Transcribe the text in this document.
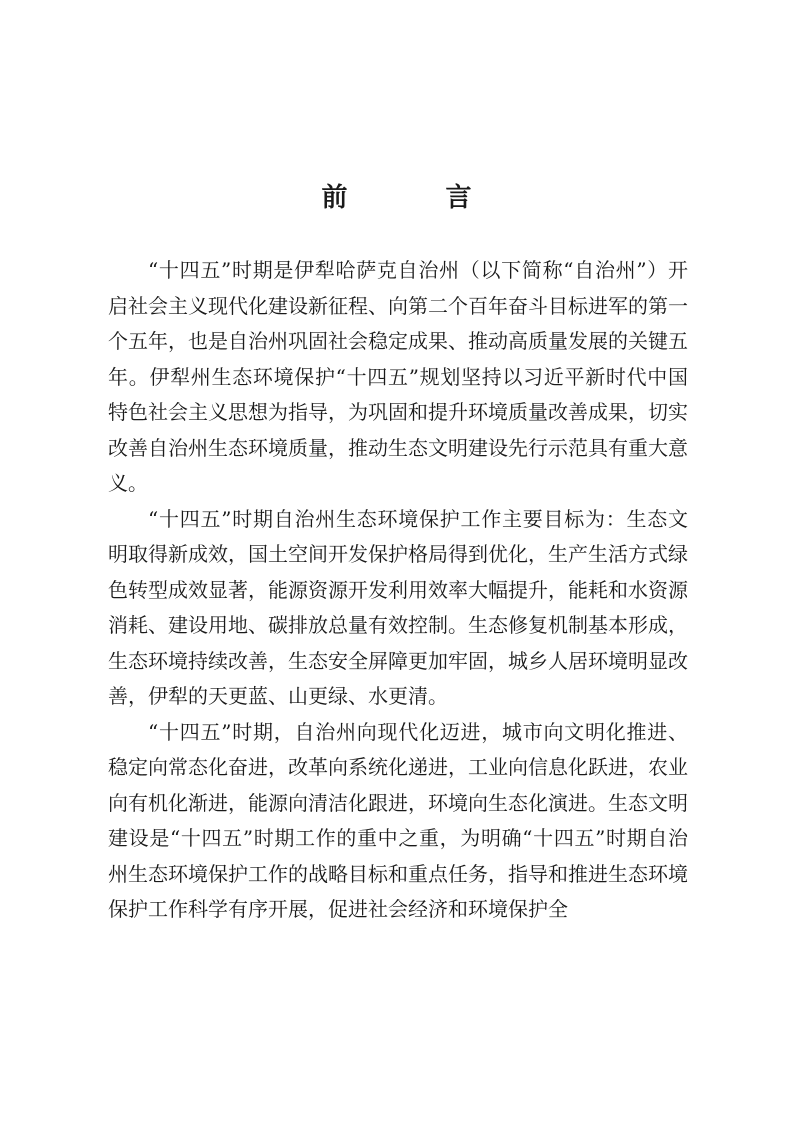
前　言

“十四五”时期是伊犁哈萨克自治州（以下简称“自治州”）开启社会主义现代化建设新征程、向第二个百年奋斗目标进军的第一个五年，也是自治州巩固社会稳定成果、推动高质量发展的关键五年。伊犁州生态环境保护“十四五”规划坚持以习近平新时代中国特色社会主义思想为指导，为巩固和提升环境质量改善成果，切实改善自治州生态环境质量，推动生态文明建设先行示范具有重大意义。

“十四五”时期自治州生态环境保护工作主要目标为：生态文明取得新成效，国土空间开发保护格局得到优化，生产生活方式绿色转型成效显著，能源资源开发利用效率大幅提升，能耗和水资源消耗、建设用地、碳排放总量有效控制。生态修复机制基本形成，生态环境持续改善，生态安全屏障更加牢固，城乡人居环境明显改善，伊犁的天更蓝、山更绿、水更清。

“十四五”时期，自治州向现代化迈进，城市向文明化推进、稳定向常态化奋进，改革向系统化递进，工业向信息化跃进，农业向有机化渐进，能源向清洁化跟进，环境向生态化演进。生态文明建设是“十四五”时期工作的重中之重，为明确“十四五”时期自治州生态环境保护工作的战略目标和重点任务，指导和推进生态环境保护工作科学有序开展，促进社会经济和环境保护全
